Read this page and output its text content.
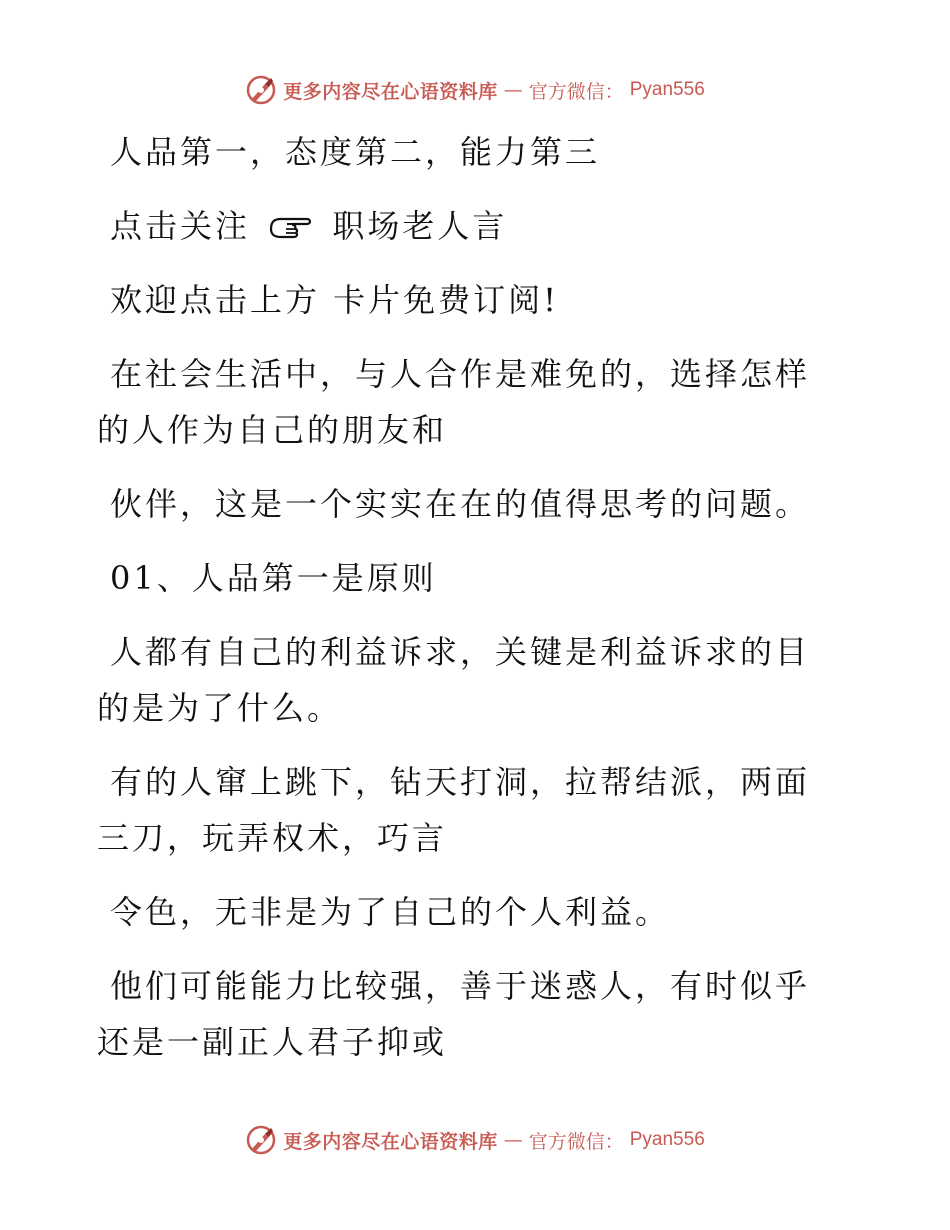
更多内容尽在心语资料库 — 官方微信： Pyan556

人品第一，态度第二，能力第三

点击关注	职场老人言

欢迎点击上方 卡片免费订阅!

在社会生活中，与人合作是难免的，选择怎样的人作为自己的朋友和

伙伴，这是一个实实在在的值得思考的问题。

01、人品第一是原则

人都有自己的利益诉求，关键是利益诉求的目的是为了什么。

有的人窜上跳下，钻天打洞，拉帮结派，两面三刀，玩弄权术，巧言

令色，无非是为了自己的个人利益。

他们可能能力比较强，善于迷惑人，有时似乎还是一副正人君子抑或

更多内容尽在心语资料库 — 官方微信： Pyan556
